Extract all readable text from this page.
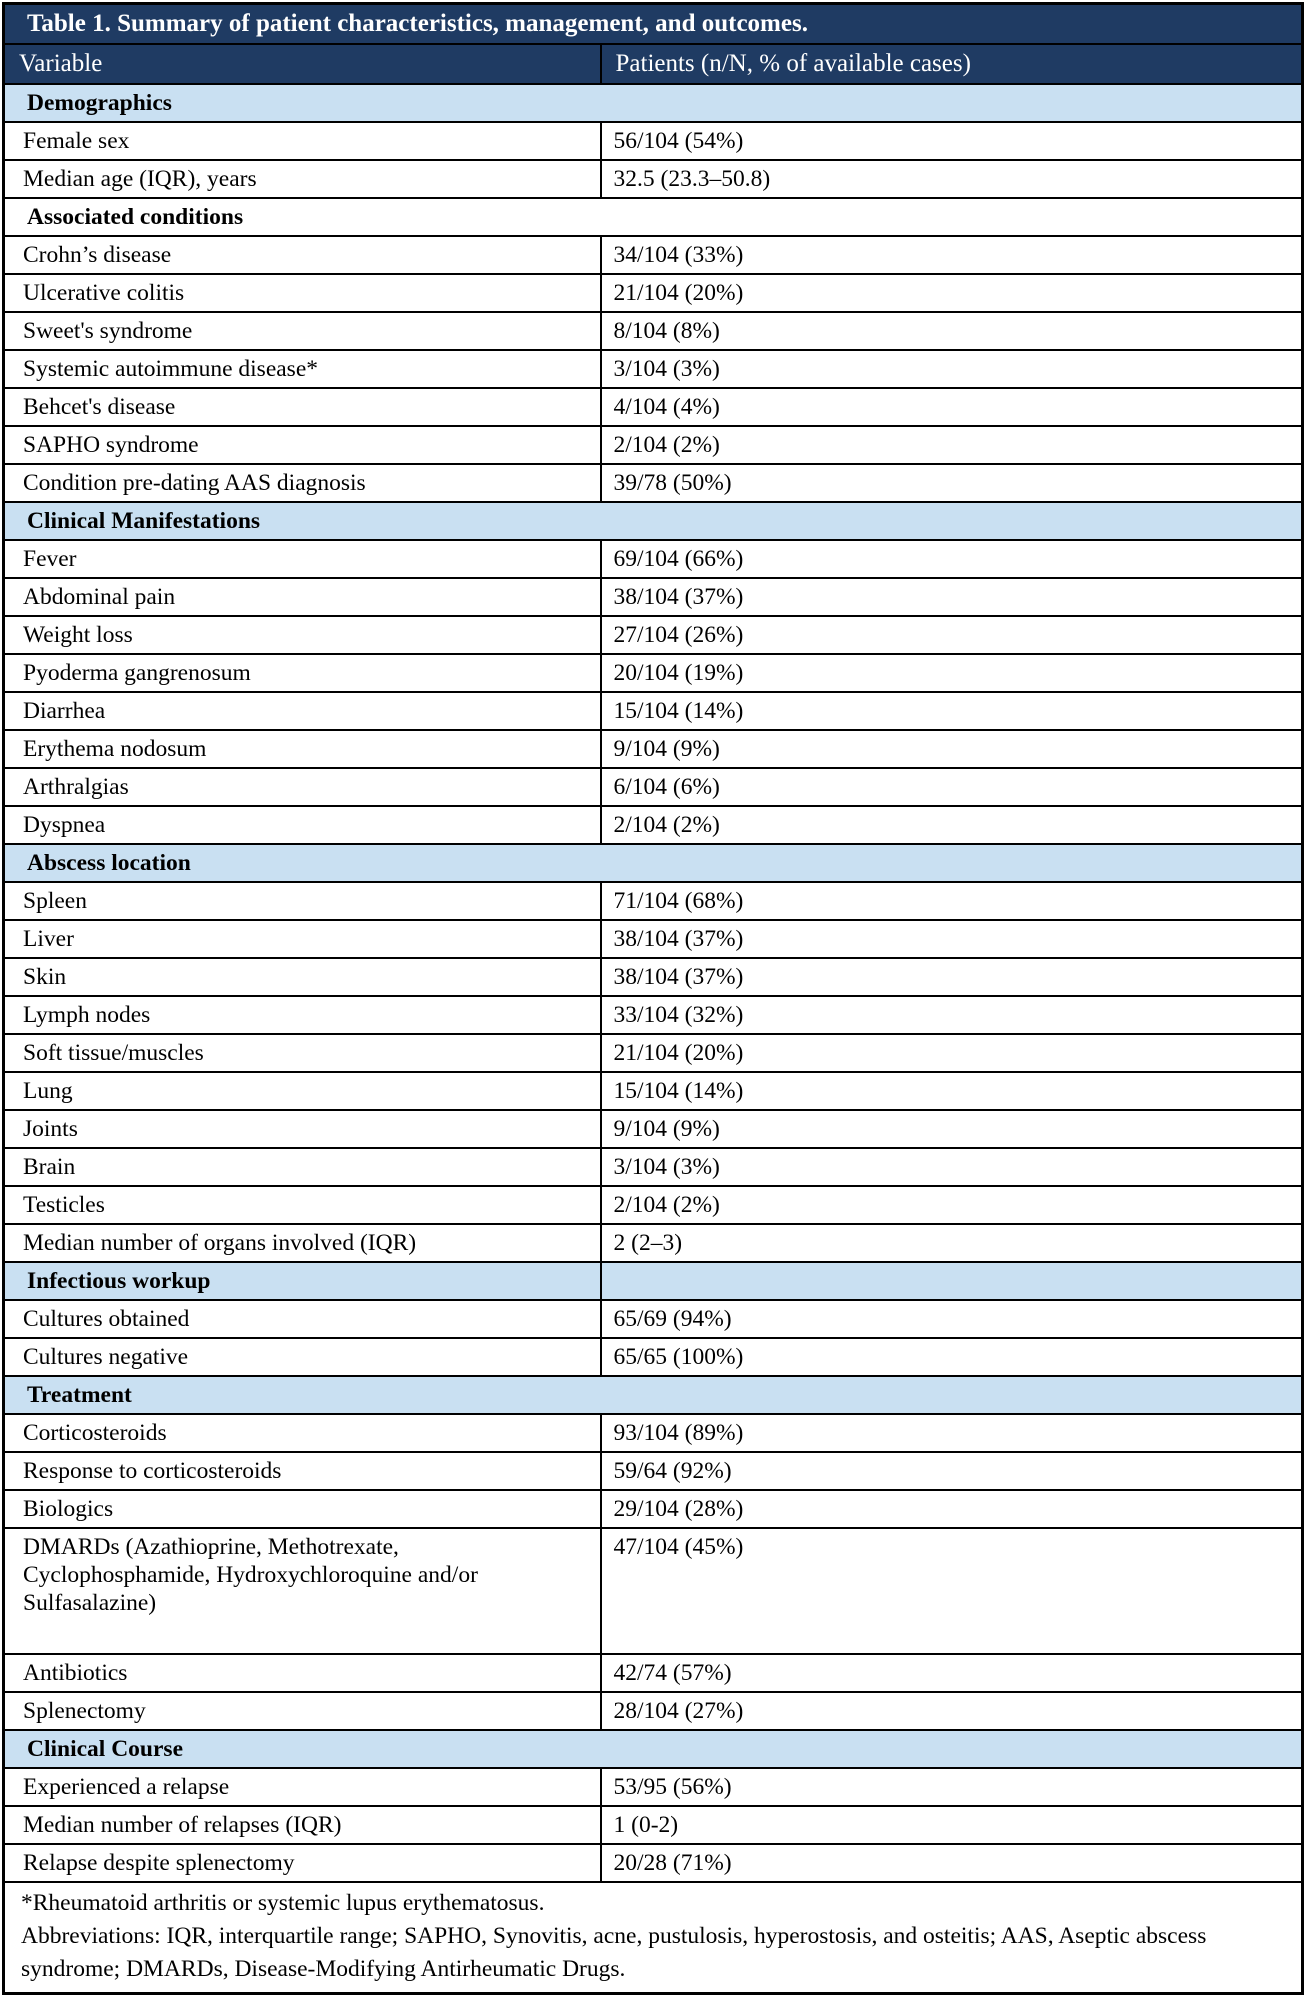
Table 1. Summary of patient characteristics, management, and outcomes.	
Variable	Patients (n/N, % of available cases)
Demographics	
Female sex	56/104 (54%)
Median age (IQR), years	32.5 (23.3–50.8)
Associated conditions	
Crohn’s disease	34/104 (33%)
Ulcerative colitis	21/104 (20%)
Sweet's syndrome	8/104 (8%)
Systemic autoimmune disease*	3/104 (3%)
Behcet's disease	4/104 (4%)
SAPHO syndrome	2/104 (2%)
Condition pre-dating AAS diagnosis	39/78 (50%)
Clinical Manifestations	
Fever	69/104 (66%)
Abdominal pain	38/104 (37%)
Weight loss	27/104 (26%)
Pyoderma gangrenosum	20/104 (19%)
Diarrhea	15/104 (14%)
Erythema nodosum	9/104 (9%)
Arthralgias	6/104 (6%)
Dyspnea	2/104 (2%)
Abscess location	
Spleen	71/104 (68%)
Liver	38/104 (37%)
Skin	38/104 (37%)
Lymph nodes	33/104 (32%)
Soft tissue/muscles	21/104 (20%)
Lung	15/104 (14%)
Joints	9/104 (9%)
Brain	3/104 (3%)
Testicles	2/104 (2%)
Median number of organs involved (IQR)	2 (2–3)
Infectious workup	
Cultures obtained	65/69 (94%)
Cultures negative	65/65 (100%)
Treatment	
Corticosteroids	93/104 (89%)
Response to corticosteroids	59/64 (92%)
Biologics	29/104 (28%)
DMARDs (Azathioprine, Methotrexate, Cyclophosphamide, Hydroxychloroquine and/or Sulfasalazine)	47/104 (45%)
Antibiotics	42/74 (57%)
Splenectomy	28/104 (27%)
Clinical Course	
Experienced a relapse	53/95 (56%)
Median number of relapses (IQR)	1 (0-2)
Relapse despite splenectomy	20/28 (71%)

*Rheumatoid arthritis or systemic lupus erythematosus.
Abbreviations: IQR, interquartile range; SAPHO, Synovitis, acne, pustulosis, hyperostosis, and osteitis; AAS, Aseptic abscess syndrome; DMARDs, Disease-Modifying Antirheumatic Drugs.	
